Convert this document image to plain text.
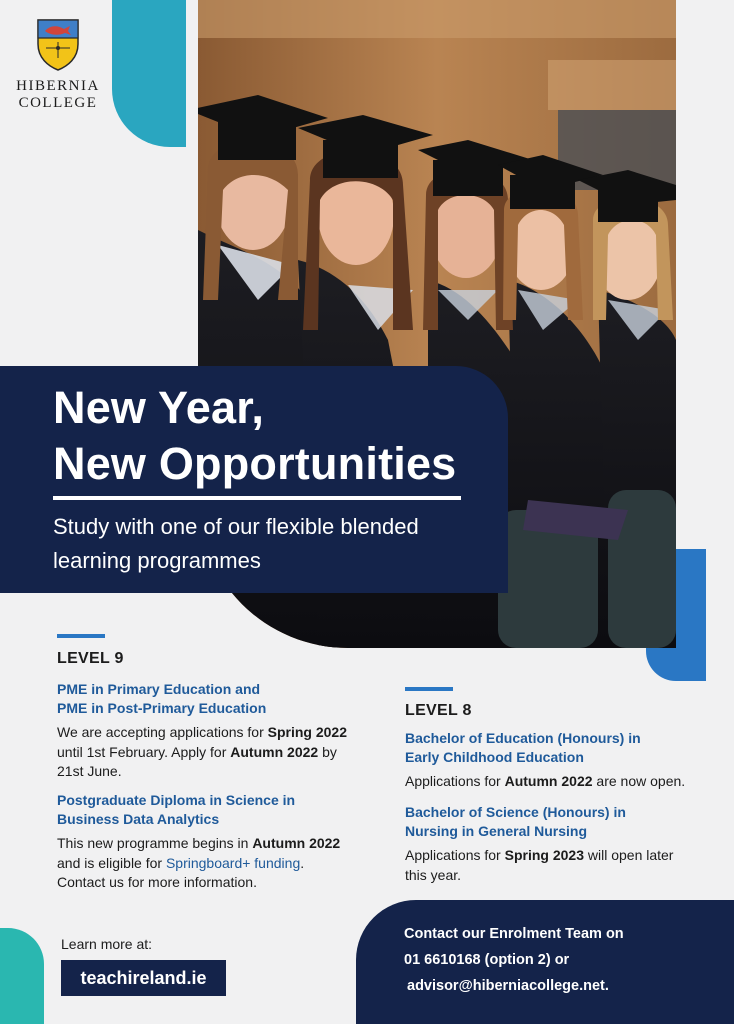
HIBERNIA
COLLEGE
New Year,
New Opportunities
Study with one of our flexible blended
learning programmes
LEVEL 9
PME in Primary Education and
PME in Post-Primary Education
We are accepting applications for Spring 2022
until 1st February. Apply for Autumn 2022 by
21st June.
Postgraduate Diploma in Science in
Business Data Analytics
This new programme begins in Autumn 2022
and is eligible for Springboard+ funding.
Contact us for more information.
LEVEL 8
Bachelor of Education (Honours) in
Early Childhood Education
Applications for Autumn 2022 are now open.
Bachelor of Science (Honours) in
Nursing in General Nursing
Applications for Spring 2023 will open later
this year.
Learn more at:
teachireland.ie
Contact our Enrolment Team on
01 6610168 (option 2) or
advisor@hiberniacollege.net.
